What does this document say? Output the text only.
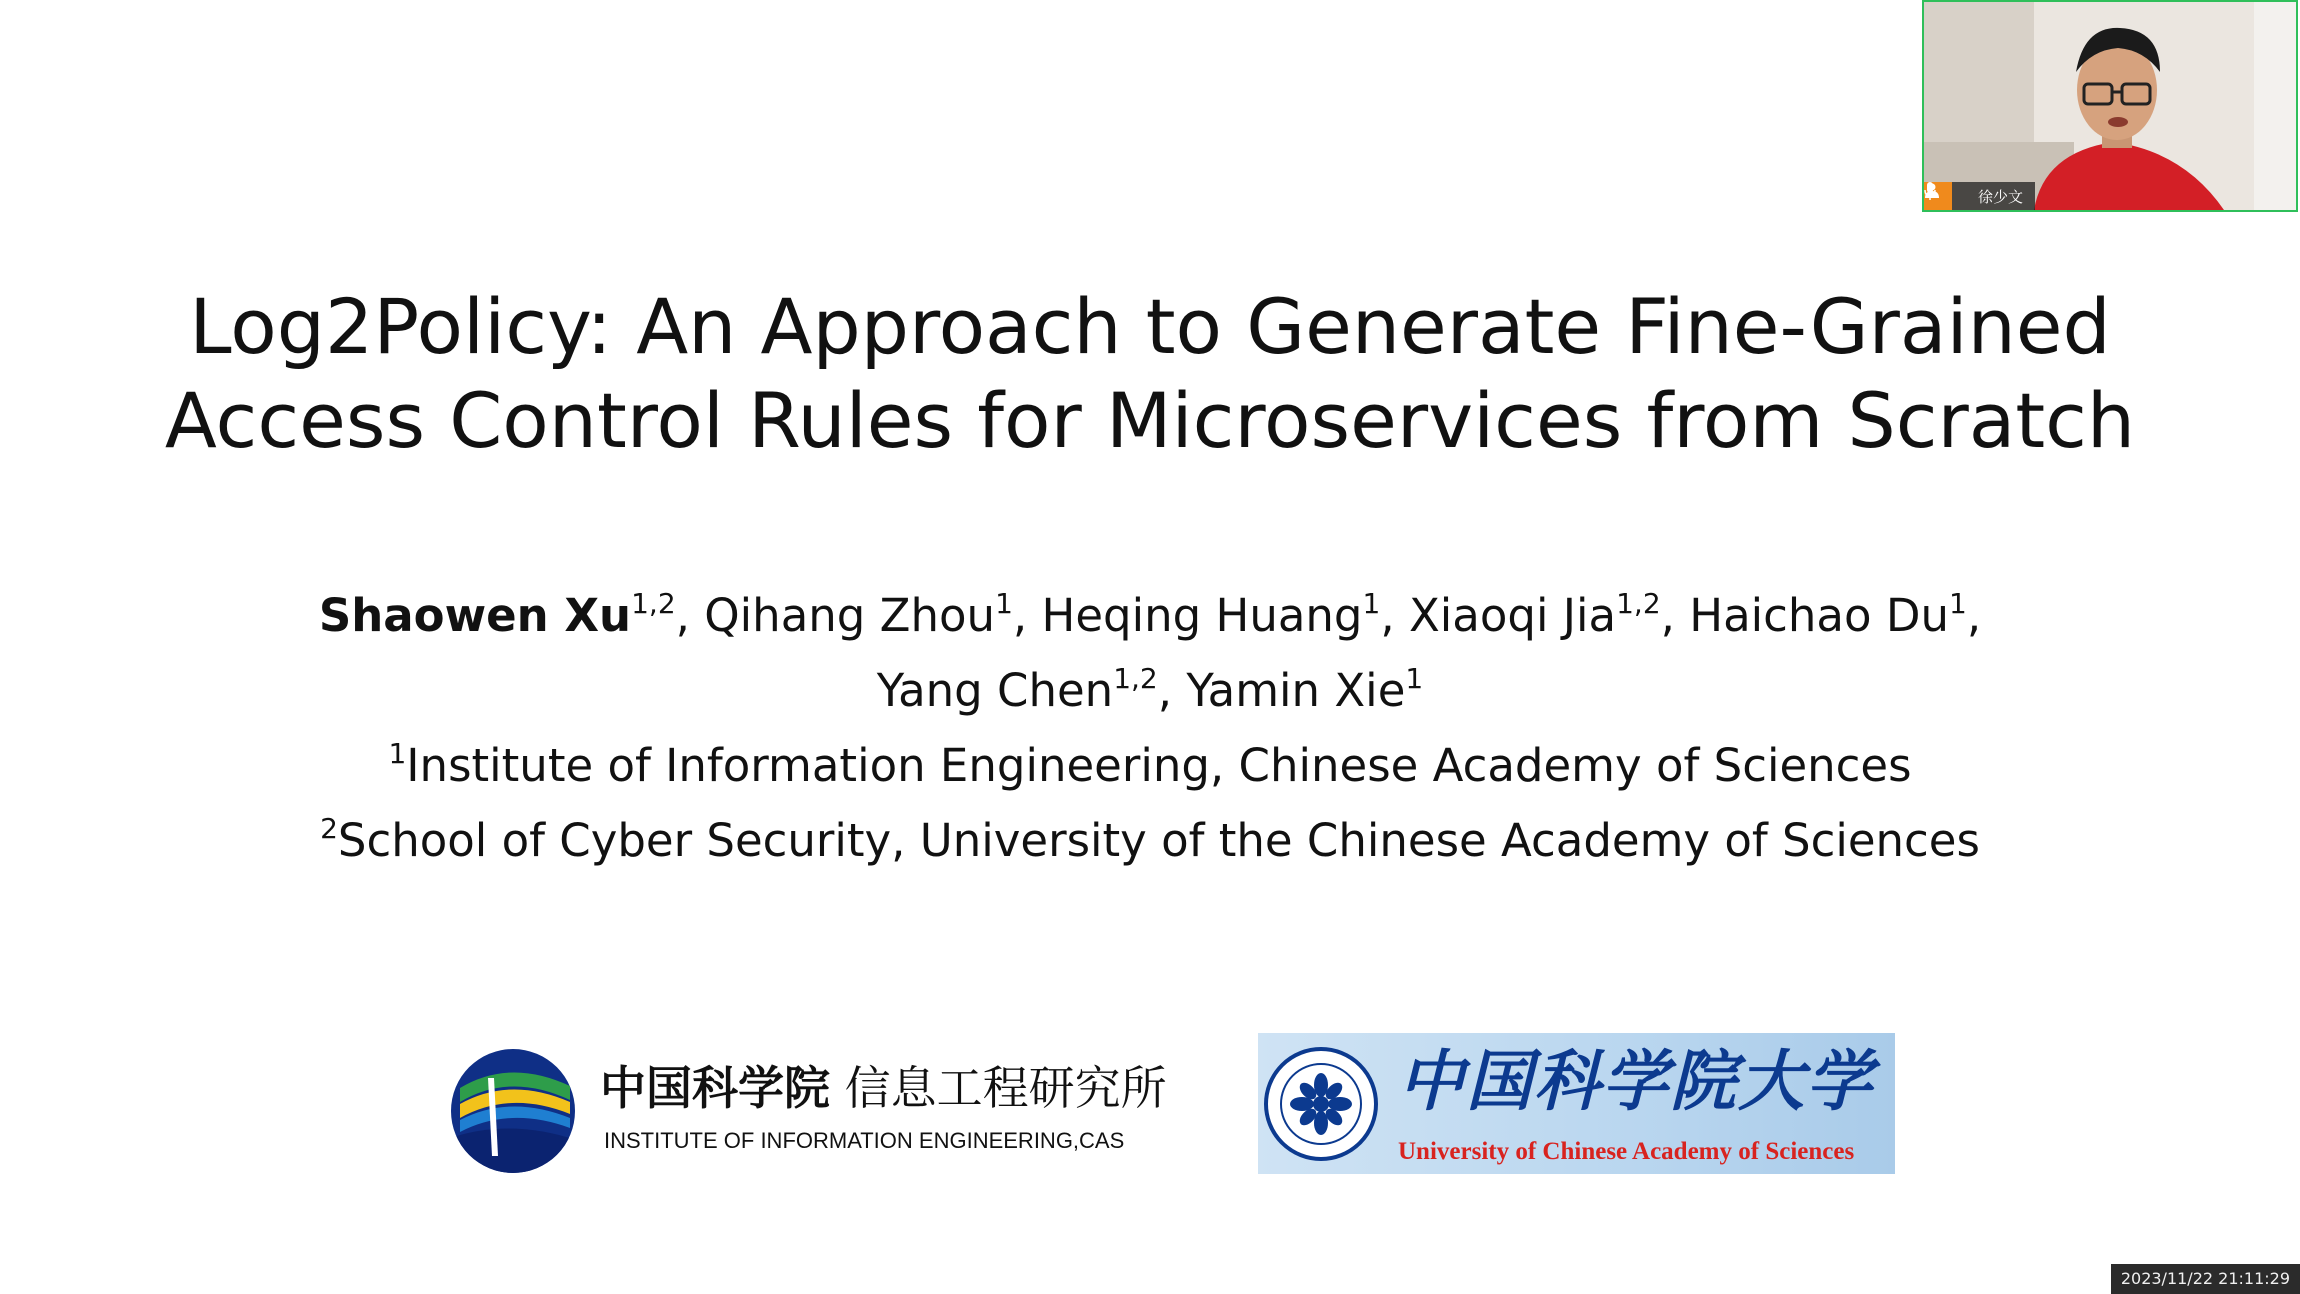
Log2Policy: An Approach to Generate Fine-Grained
Access Control Rules for Microservices from Scratch
Shaowen Xu$^{1,2}$, Qihang Zhou$^1$, Heqing Huang$^1$, Xiaoqi Jia$^{1,2}$, Haichao Du$^1$,
Yang Chen$^{1,2}$, Yamin Xie$^1$
$^1$Institute of Information Engineering, Chinese Academy of Sciences
$^2$School of Cyber Security, University of the Chinese Academy of Sciences
中国科学院 信息工程研究所
INSTITUTE OF INFORMATION ENGINEERING,CAS
中国科学院大学
University of Chinese Academy of Sciences
徐少文
2023/11/22 21:11:29
